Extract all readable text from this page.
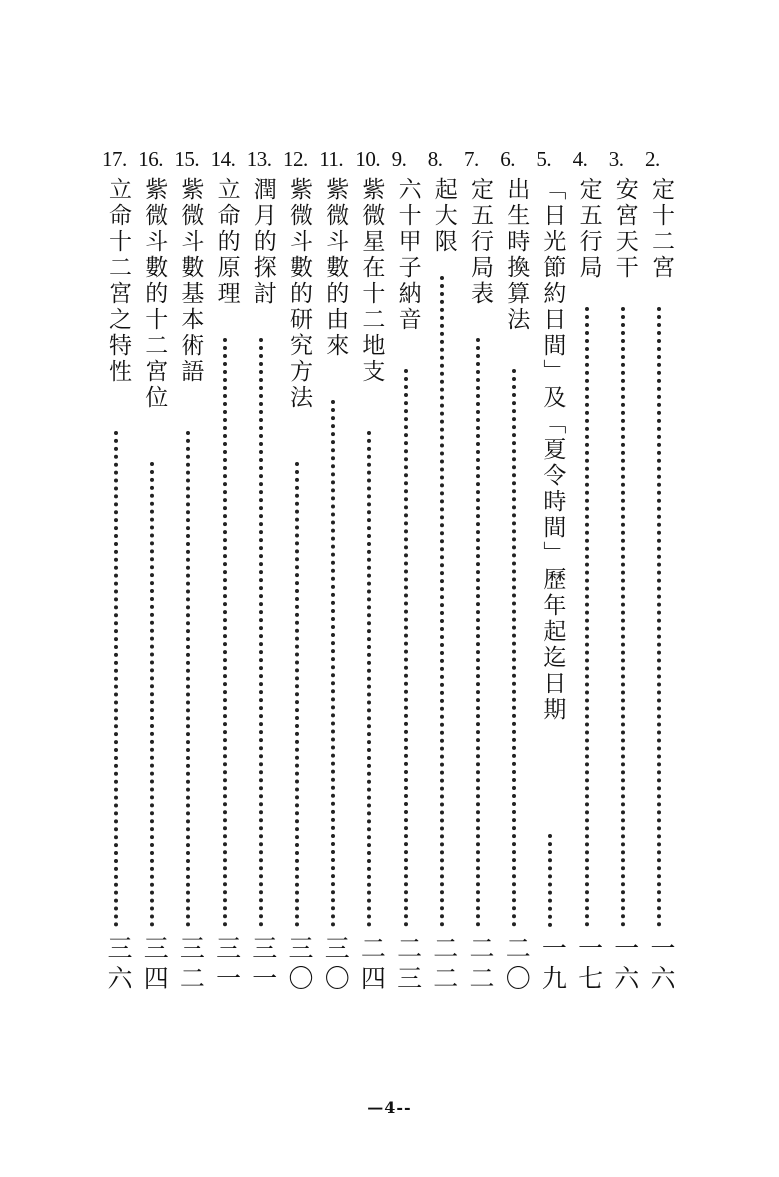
2.
定十二宮
一六
3.
安宮天干
一六
4.
定五行局
一七
5.
「日光節約日間」及「夏令時間」歷年起迄日期
一九
6.
出生時換算法
二〇
7.
定五行局表
二二
8.
起大限
二二
9.
六十甲子納音
二三
10.
紫微星在十二地支
二四
11.
紫微斗數的由來
三〇
12.
紫微斗數的研究方法
三〇
13.
潤月的探討
三一
14.
立命的原理
三一
15.
紫微斗數基本術語
三二
16.
紫微斗數的十二宮位
三四
17.
立命十二宮之特性
三六
—4--
